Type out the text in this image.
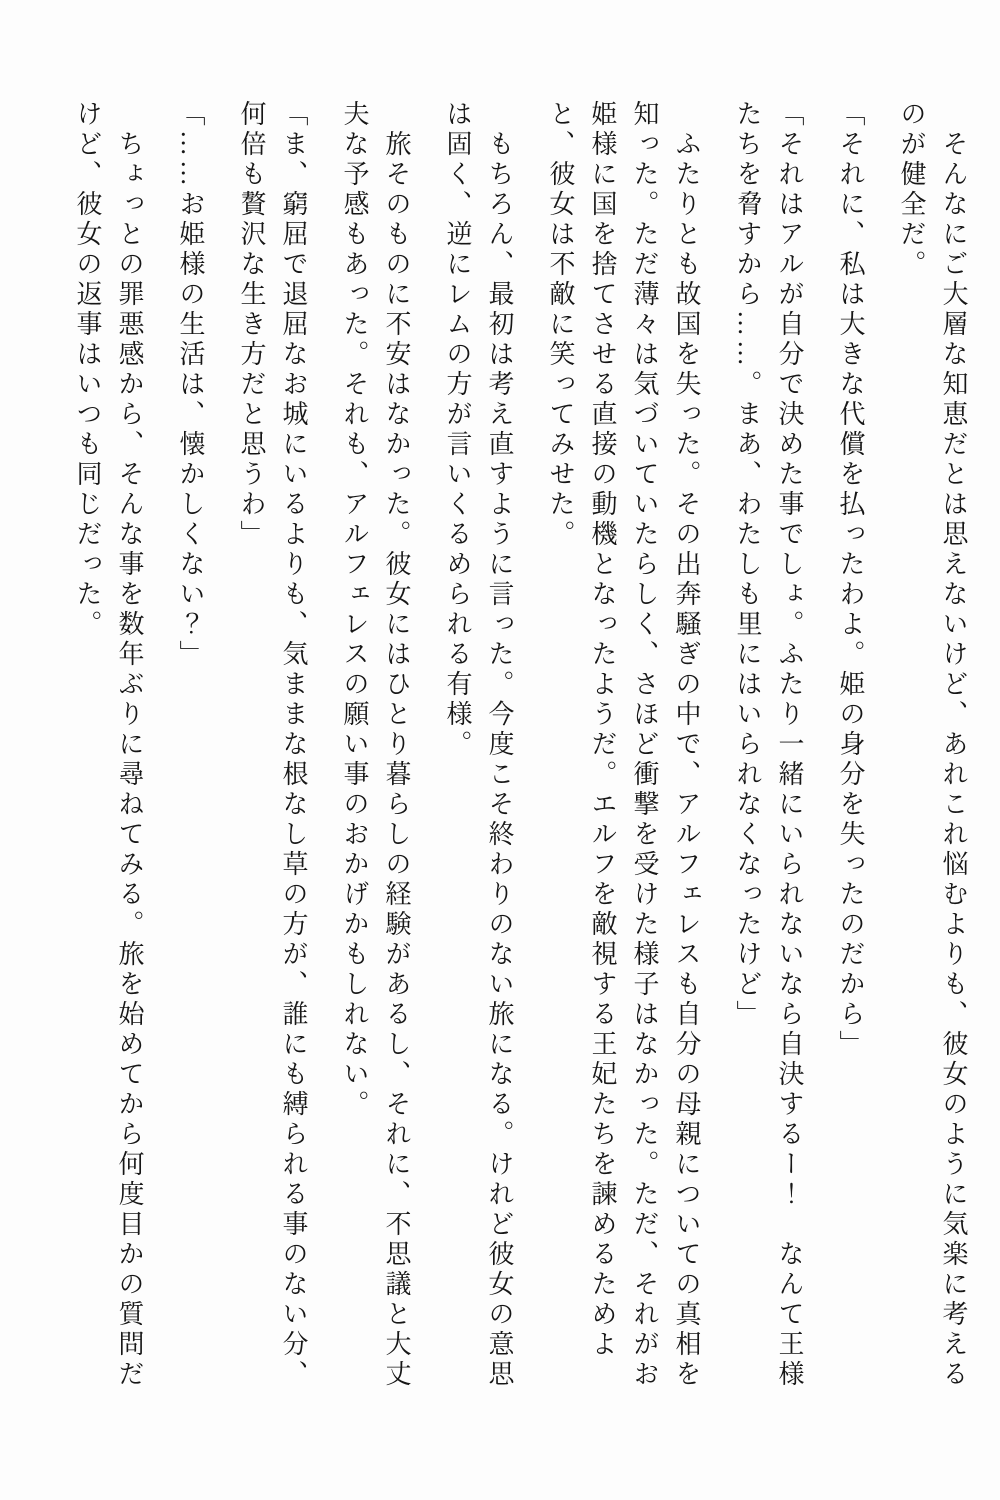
そんなにご大層な知恵だとは思えないけど、あれこれ悩むよりも、彼女のように気楽に考えるのが健全だ。

「それに、私は大きな代償を払ったわよ。姫の身分を失ったのだから」

「それはアルが自分で決めた事でしょ。ふたり一緒にいられないなら自決するー！　なんて王様たちを脅すから……。まあ、わたしも里にはいられなくなったけど」

ふたりとも故国を失った。その出奔騒ぎの中で、アルフェレスも自分の母親についての真相を知った。ただ薄々は気づいていたらしく、さほど衝撃を受けた様子はなかった。ただ、それがお姫様に国を捨てさせる直接の動機となったようだ。エルフを敵視する王妃たちを諫めるためよと、彼女は不敵に笑ってみせた。

もちろん、最初は考え直すように言った。今度こそ終わりのない旅になる。けれど彼女の意思は固く、逆にレムの方が言いくるめられる有様。

旅そのものに不安はなかった。彼女にはひとり暮らしの経験があるし、それに、不思議と大丈夫な予感もあった。それも、アルフェレスの願い事のおかげかもしれない。

「ま、窮屈で退屈なお城にいるよりも、気ままな根なし草の方が、誰にも縛られる事のない分、何倍も贅沢な生き方だと思うわ」

「……お姫様の生活は、懐かしくない？」

ちょっとの罪悪感から、そんな事を数年ぶりに尋ねてみる。旅を始めてから何度目かの質問だけど、彼女の返事はいつも同じだった。
